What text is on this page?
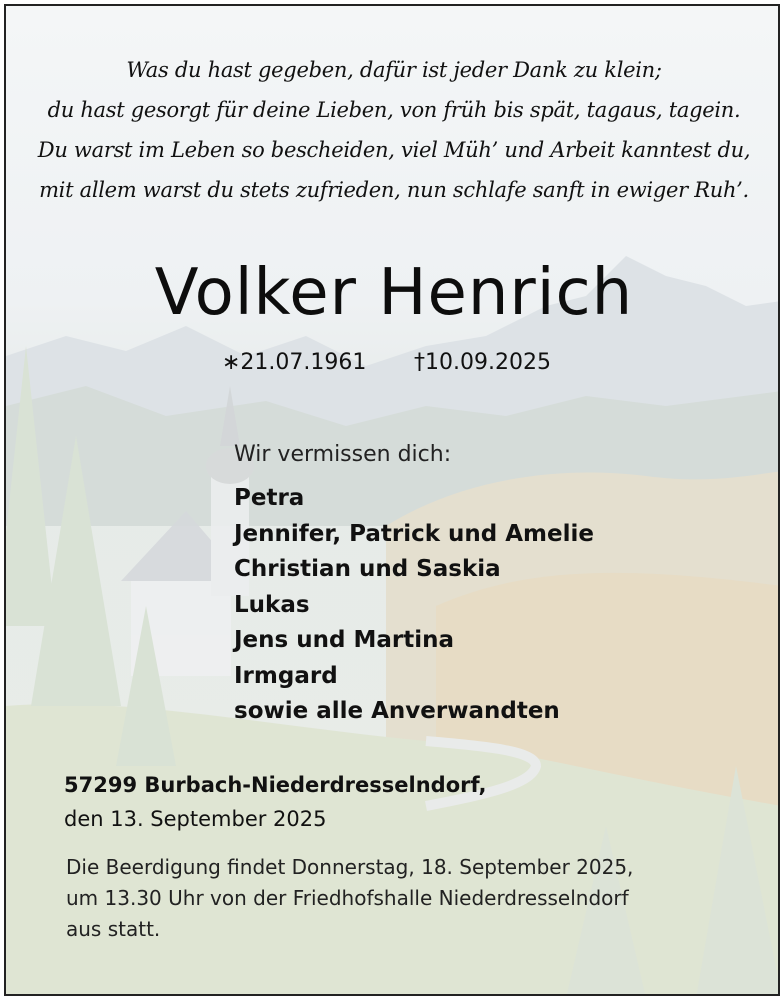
Was du hast gegeben, dafür ist jeder Dank zu klein;
du hast gesorgt für deine Lieben, von früh bis spät, tagaus, tagein.
Du warst im Leben so bescheiden, viel Müh’ und Arbeit kanntest du,
mit allem warst du stets zufrieden, nun schlafe sanft in ewiger Ruh’.
Volker Henrich
∗21.07.1961 †10.09.2025
Wir vermissen dich:
Petra
Jennifer, Patrick und Amelie
Christian und Saskia
Lukas
Jens und Martina
Irmgard
sowie alle Anverwandten
57299 Burbach-Niederdresselndorf,
den 13. September 2025
Die Beerdigung findet Donnerstag, 18. September 2025,
um 13.30 Uhr von der Friedhofshalle Niederdresselndorf
aus statt.
